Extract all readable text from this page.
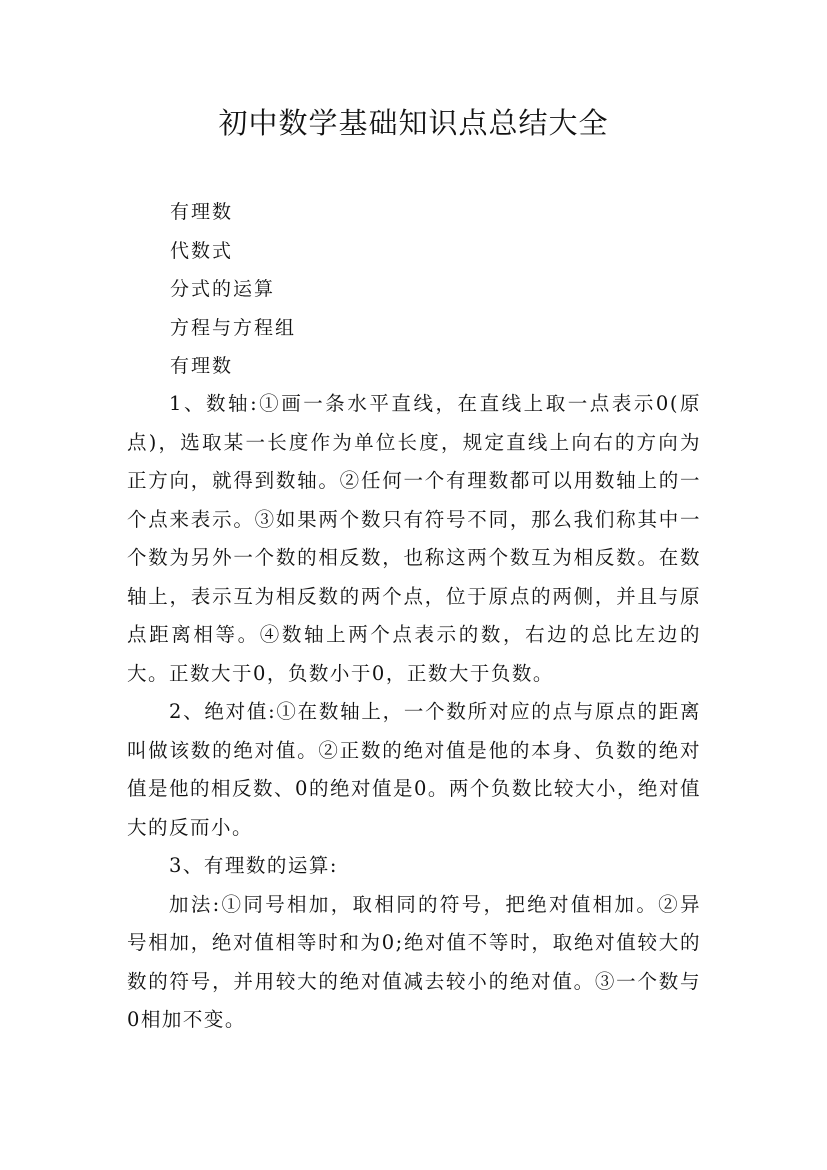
初中数学基础知识点总结大全
有理数
代数式
分式的运算
方程与方程组
有理数

1、数轴:①画一条水平直线，在直线上取一点表示0(原点)，选取某一长度作为单位长度，规定直线上向右的方向为正方向，就得到数轴。②任何一个有理数都可以用数轴上的一个点来表示。③如果两个数只有符号不同，那么我们称其中一个数为另外一个数的相反数，也称这两个数互为相反数。在数轴上，表示互为相反数的两个点，位于原点的两侧，并且与原点距离相等。④数轴上两个点表示的数，右边的总比左边的大。正数大于0，负数小于0，正数大于负数。

2、绝对值:①在数轴上，一个数所对应的点与原点的距离叫做该数的绝对值。②正数的绝对值是他的本身、负数的绝对值是他的相反数、0的绝对值是0。两个负数比较大小，绝对值大的反而小。

3、有理数的运算:

加法:①同号相加，取相同的符号，把绝对值相加。②异号相加，绝对值相等时和为0;绝对值不等时，取绝对值较大的数的符号，并用较大的绝对值减去较小的绝对值。③一个数与0相加不变。
